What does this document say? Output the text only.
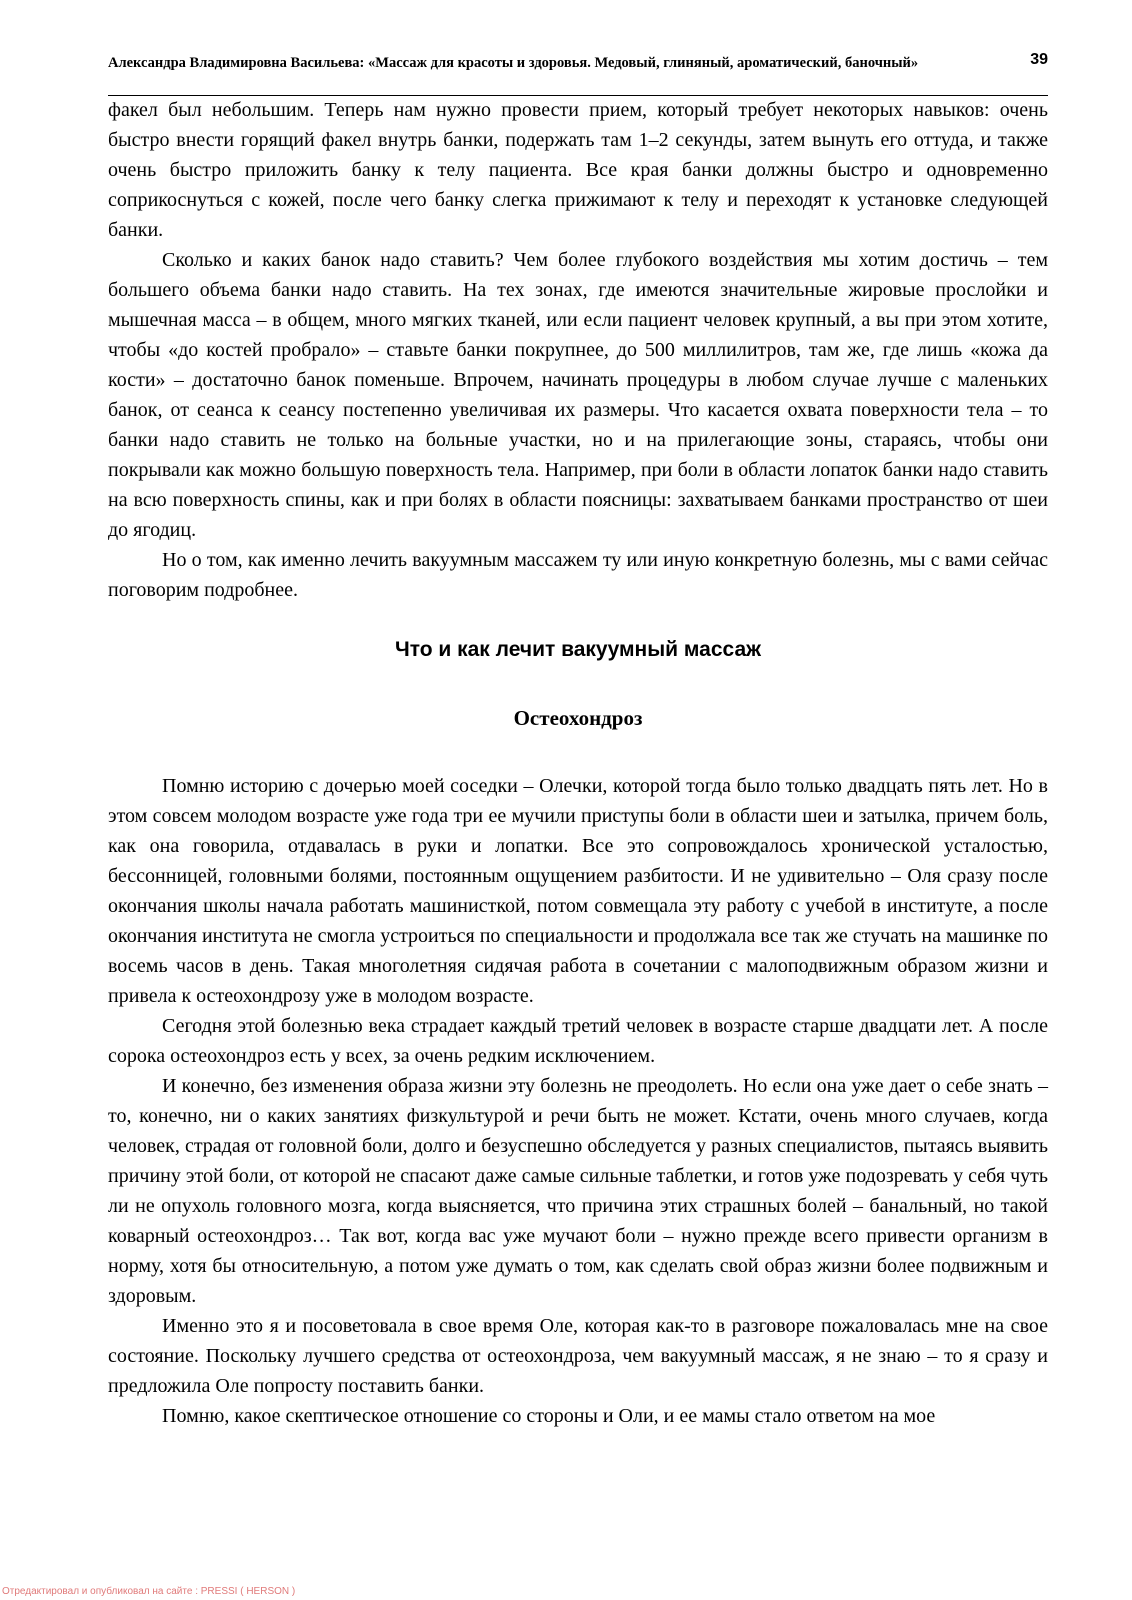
Александра Владимировна Васильева: «Массаж для красоты и здоровья. Медовый, глиняный, ароматический, баночный»	39

факел был небольшим. Теперь нам нужно провести прием, который требует некоторых навыков: очень быстро внести горящий факел внутрь банки, подержать там 1–2 секунды, затем вынуть его оттуда, и также очень быстро приложить банку к телу пациента. Все края банки должны быстро и одновременно соприкоснуться с кожей, после чего банку слегка прижимают к телу и переходят к установке следующей банки.

Сколько и каких банок надо ставить? Чем более глубокого воздействия мы хотим достичь – тем большего объема банки надо ставить. На тех зонах, где имеются значительные жировые прослойки и мышечная масса – в общем, много мягких тканей, или если пациент человек крупный, а вы при этом хотите, чтобы «до костей пробрало» – ставьте банки покрупнее, до 500 миллилитров, там же, где лишь «кожа да кости» – достаточно банок поменьше. Впрочем, начинать процедуры в любом случае лучше с маленьких банок, от сеанса к сеансу постепенно увеличивая их размеры. Что касается охвата поверхности тела – то банки надо ставить не только на больные участки, но и на прилегающие зоны, стараясь, чтобы они покрывали как можно большую поверхность тела. Например, при боли в области лопаток банки надо ставить на всю поверхность спины, как и при болях в области поясницы: захватываем банками пространство от шеи до ягодиц.

Но о том, как именно лечить вакуумным массажем ту или иную конкретную болезнь, мы с вами сейчас поговорим подробнее.

Что и как лечит вакуумный массаж
Остеохондроз

Помню историю с дочерью моей соседки – Олечки, которой тогда было только двадцать пять лет. Но в этом совсем молодом возрасте уже года три ее мучили приступы боли в области шеи и затылка, причем боль, как она говорила, отдавалась в руки и лопатки. Все это сопровождалось хронической усталостью, бессонницей, головными болями, постоянным ощущением разбитости. И не удивительно – Оля сразу после окончания школы начала работать машинисткой, потом совмещала эту работу с учебой в институте, а после окончания института не смогла устроиться по специальности и продолжала все так же стучать на машинке по восемь часов в день. Такая многолетняя сидячая работа в сочетании с малоподвижным образом жизни и привела к остеохондрозу уже в молодом возрасте.

Сегодня этой болезнью века страдает каждый третий человек в возрасте старше двадцати лет. А после сорока остеохондроз есть у всех, за очень редким исключением.

И конечно, без изменения образа жизни эту болезнь не преодолеть. Но если она уже дает о себе знать – то, конечно, ни о каких занятиях физкультурой и речи быть не может. Кстати, очень много случаев, когда человек, страдая от головной боли, долго и безуспешно обследуется у разных специалистов, пытаясь выявить причину этой боли, от которой не спасают даже самые сильные таблетки, и готов уже подозревать у себя чуть ли не опухоль головного мозга, когда выясняется, что причина этих страшных болей – банальный, но такой коварный остеохондроз… Так вот, когда вас уже мучают боли – нужно прежде всего привести организм в норму, хотя бы относительную, а потом уже думать о том, как сделать свой образ жизни более подвижным и здоровым.

Именно это я и посоветовала в свое время Оле, которая как-то в разговоре пожаловалась мне на свое состояние. Поскольку лучшего средства от остеохондроза, чем вакуумный массаж, я не знаю – то я сразу и предложила Оле попросту поставить банки.

Помню, какое скептическое отношение со стороны и Оли, и ее мамы стало ответом на мое

Отредактировал и опубликовал на сайте : PRESSI ( HERSON )
